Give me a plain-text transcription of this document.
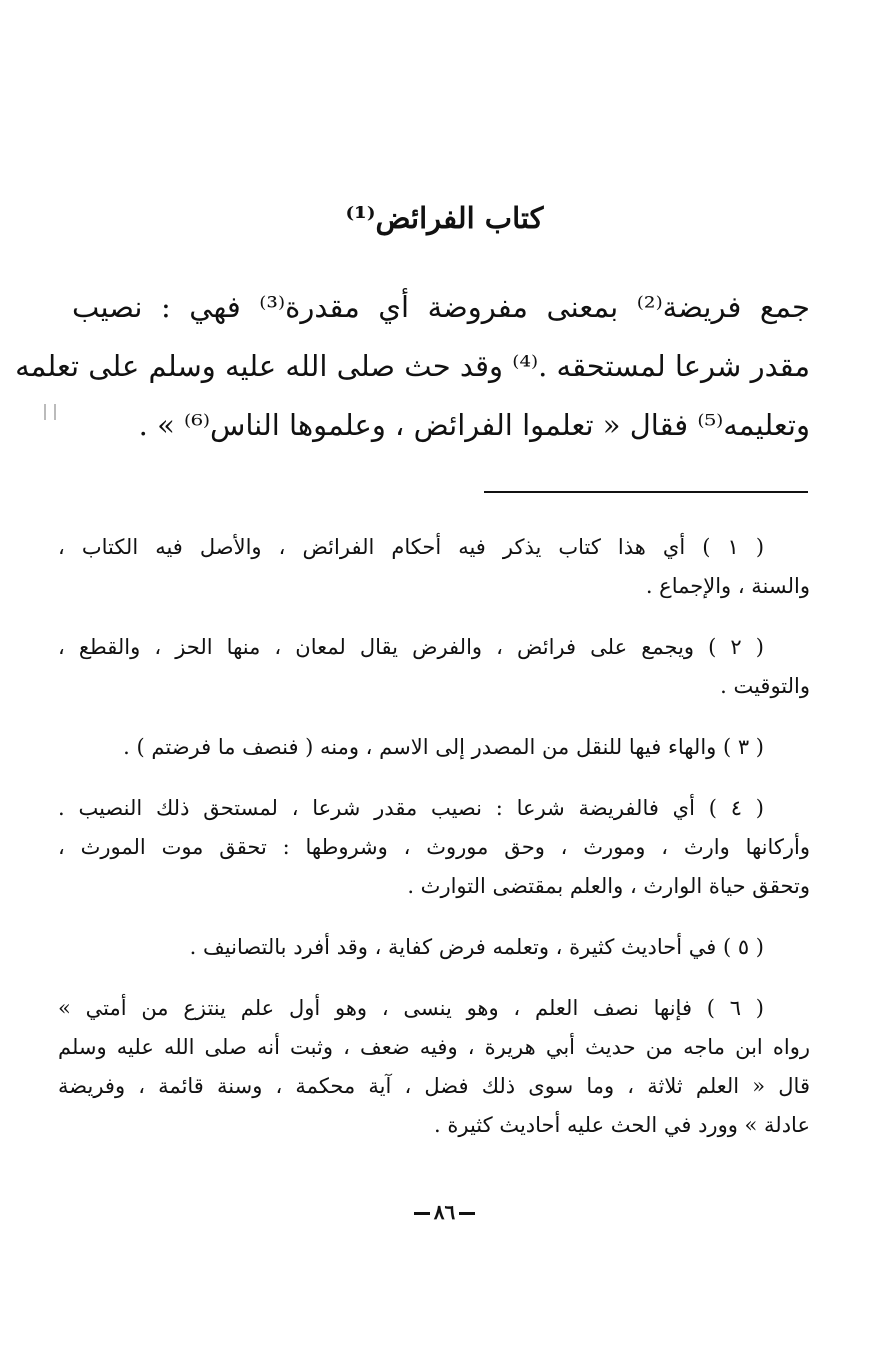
كتاب الفرائض⁽¹⁾
جمع فريضة⁽²⁾ بمعنى مفروضة أي مقدرة⁽³⁾ فهي : نصيب
مقدر شرعا لمستحقه .⁽⁴⁾ وقد حث صلى الله عليه وسلم على تعلمه
وتعليمه⁽⁵⁾ فقال « تعلموا الفرائض ، وعلموها الناس⁽⁶⁾ » .
( ١ ) أي هذا كتاب يذكر فيه أحكام الفرائض ، والأصل فيه الكتاب ،
والسنة ، والإجماع .
( ٢ ) ويجمع على فرائض ، والفرض يقال لمعان ، منها الحز ، والقطع ،
والتوقيت .
( ٣ ) والهاء فيها للنقل من المصدر إلى الاسم ، ومنه ( فنصف ما فرضتم ) .
( ٤ ) أي فالفريضة شرعا : نصيب مقدر شرعا ، لمستحق ذلك النصيب .
وأركانها وارث ، ومورث ، وحق موروث ، وشروطها : تحقق موت المورث ،
وتحقق حياة الوارث ، والعلم بمقتضى التوارث .
( ٥ ) في أحاديث كثيرة ، وتعلمه فرض كفاية ، وقد أفرد بالتصانيف .
( ٦ ) فإنها نصف العلم ، وهو ينسى ، وهو أول علم ينتزع من أمتي »
رواه ابن ماجه من حديث أبي هريرة ، وفيه ضعف ، وثبت أنه صلى الله عليه وسلم
قال « العلم ثلاثة ، وما سوى ذلك فضل ، آية محكمة ، وسنة قائمة ، وفريضة
عادلة » وورد في الحث عليه أحاديث كثيرة .
٨٦
